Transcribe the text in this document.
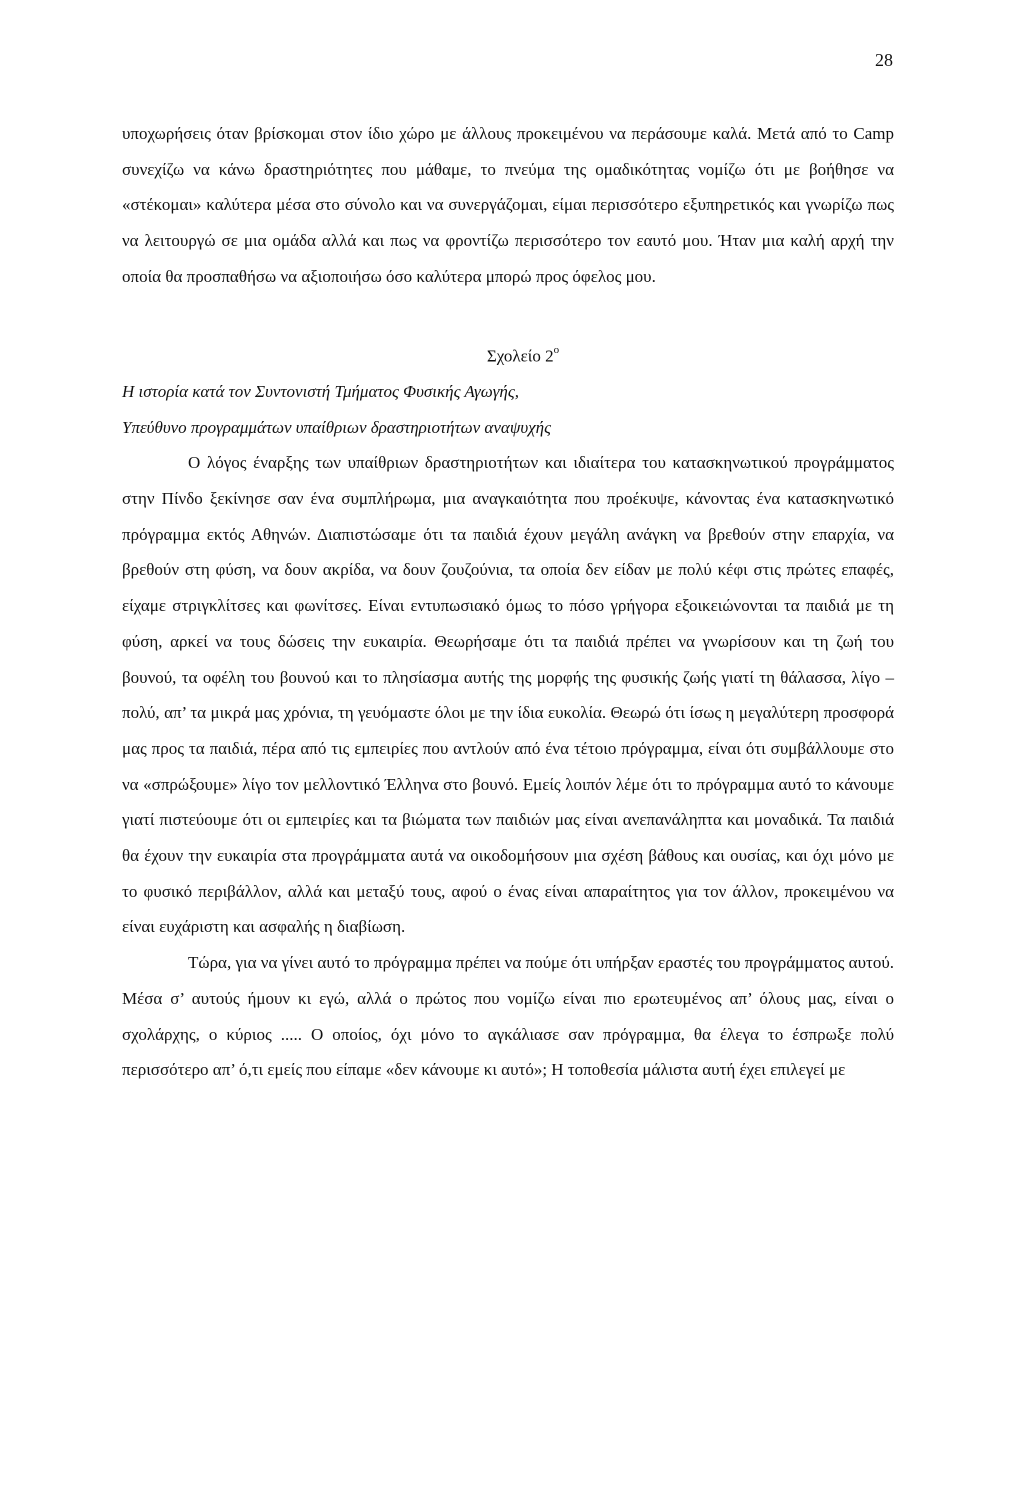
28

υποχωρήσεις όταν βρίσκομαι στον ίδιο χώρο με άλλους προκειμένου να περάσουμε καλά. Μετά από το Camp συνεχίζω να κάνω δραστηριότητες που μάθαμε, το πνεύμα της ομαδικότητας νομίζω ότι με βοήθησε να «στέκομαι» καλύτερα μέσα στο σύνολο και να συνεργάζομαι, είμαι περισσότερο εξυπηρετικός και γνωρίζω πως να λειτουργώ σε μια ομάδα αλλά και πως να φροντίζω περισσότερο τον εαυτό μου. Ήταν μια καλή αρχή την οποία θα προσπαθήσω να αξιοποιήσω όσο καλύτερα μπορώ προς όφελος μου.

Σχολείο $2^o$

Η ιστορία κατά τον Συντονιστή Τμήματος Φυσικής Αγωγής,

Υπεύθυνο προγραμμάτων υπαίθριων δραστηριοτήτων αναψυχής

Ο λόγος έναρξης των υπαίθριων δραστηριοτήτων και ιδιαίτερα του κατασκηνωτικού προγράμματος στην Πίνδο ξεκίνησε σαν ένα συμπλήρωμα, μια αναγκαιότητα που προέκυψε, κάνοντας ένα κατασκηνωτικό πρόγραμμα εκτός Αθηνών. Διαπιστώσαμε ότι τα παιδιά έχουν μεγάλη ανάγκη να βρεθούν στην επαρχία, να βρεθούν στη φύση, να δουν ακρίδα, να δουν ζουζούνια, τα οποία δεν είδαν με πολύ κέφι στις πρώτες επαφές, είχαμε στριγκλίτσες και φωνίτσες. Είναι εντυπωσιακό όμως το πόσο γρήγορα εξοικειώνονται τα παιδιά με τη φύση, αρκεί να τους δώσεις την ευκαιρία. Θεωρήσαμε ότι τα παιδιά πρέπει να γνωρίσουν και τη ζωή του βουνού, τα οφέλη του βουνού και το πλησίασμα αυτής της μορφής της φυσικής ζωής γιατί τη θάλασσα, λίγο – πολύ, απ’ τα μικρά μας χρόνια, τη γευόμαστε όλοι με την ίδια ευκολία. Θεωρώ ότι ίσως η μεγαλύτερη προσφορά μας προς τα παιδιά, πέρα από τις εμπειρίες που αντλούν από ένα τέτοιο πρόγραμμα, είναι ότι συμβάλλουμε στο να «σπρώξουμε» λίγο τον μελλοντικό Έλληνα στο βουνό. Εμείς λοιπόν λέμε ότι το πρόγραμμα αυτό το κάνουμε γιατί πιστεύουμε ότι οι εμπειρίες και τα βιώματα των παιδιών μας είναι ανεπανάληπτα και μοναδικά. Τα παιδιά θα έχουν την ευκαιρία στα προγράμματα αυτά να οικοδομήσουν μια σχέση βάθους και ουσίας, και όχι μόνο με το φυσικό περιβάλλον, αλλά και μεταξύ τους, αφού ο ένας είναι απαραίτητος για τον άλλον, προκειμένου να είναι ευχάριστη και ασφαλής η διαβίωση.

Τώρα, για να γίνει αυτό το πρόγραμμα πρέπει να πούμε ότι υπήρξαν εραστές του προγράμματος αυτού. Μέσα σ’ αυτούς ήμουν κι εγώ, αλλά ο πρώτος που νομίζω είναι πιο ερωτευμένος απ’ όλους μας, είναι ο σχολάρχης, ο κύριος ..... Ο οποίος, όχι μόνο το αγκάλιασε σαν πρόγραμμα, θα έλεγα το έσπρωξε πολύ περισσότερο απ’ ό,τι εμείς που είπαμε «δεν κάνουμε κι αυτό»; Η τοποθεσία μάλιστα αυτή έχει επιλεγεί με
